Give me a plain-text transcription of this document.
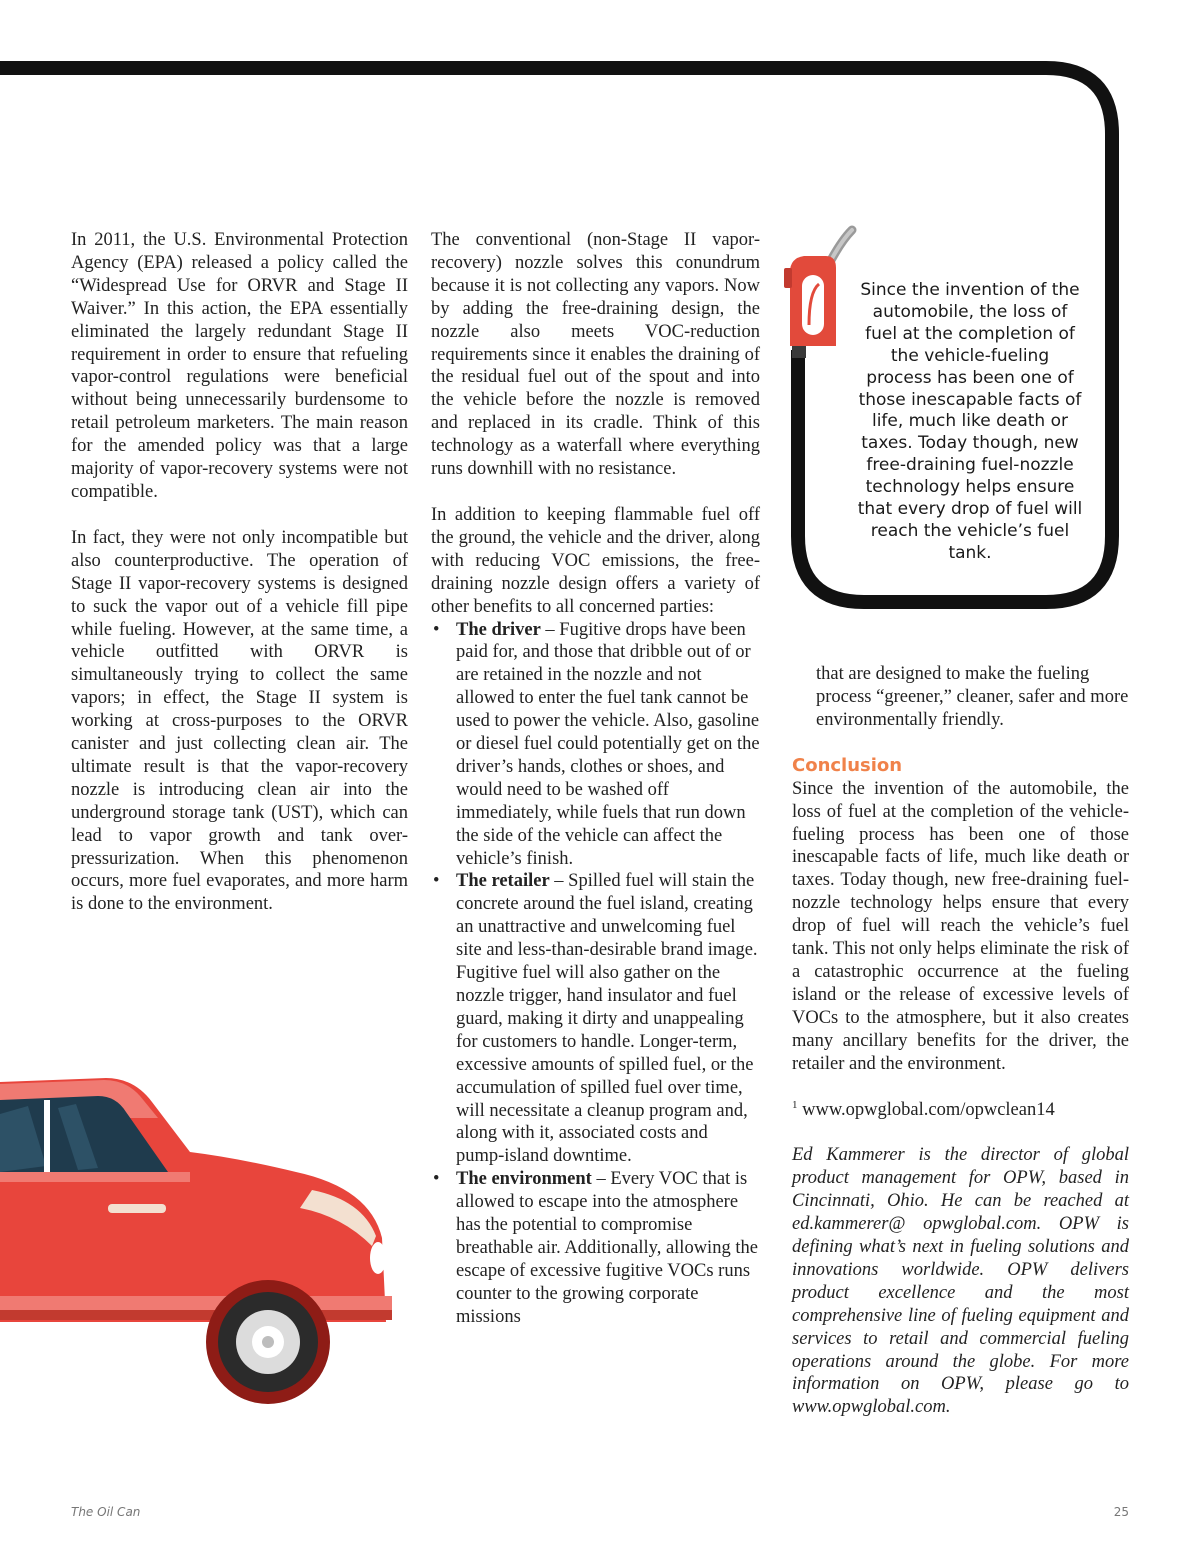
In 2011, the U.S. Environmental Protection Agency (EPA) released a policy called the “Widespread Use for ORVR and Stage II Waiver.” In this action, the EPA essentially eliminated the largely redundant Stage II requirement in order to ensure that refueling vapor-control regulations were beneficial without being unnecessarily burdensome to retail petroleum marketers. The main reason for the amended policy was that a large majority of vapor-recovery systems were not compatible.

In fact, they were not only incompatible but also counterproductive. The operation of Stage II vapor-recovery systems is designed to suck the vapor out of a vehicle fill pipe while fueling. However, at the same time, a vehicle outfitted with ORVR is simultaneously trying to collect the same vapors; in effect, the Stage II system is working at cross-purposes to the ORVR canister and just collecting clean air. The ultimate result is that the vapor-recovery nozzle is introducing clean air into the underground storage tank (UST), which can lead to vapor growth and tank over-pressurization. When this phenomenon occurs, more fuel evaporates, and more harm is done to the environment.

The conventional (non-Stage II vapor-recovery) nozzle solves this conundrum because it is not collecting any vapors. Now by adding the free-draining design, the nozzle also meets VOC-reduction requirements since it enables the draining of the residual fuel out of the spout and into the vehicle before the nozzle is removed and replaced in its cradle. Think of this technology as a waterfall where everything runs downhill with no resistance.

In addition to keeping flammable fuel off the ground, the vehicle and the driver, along with reducing VOC emissions, the free-draining nozzle design offers a variety of other benefits to all concerned parties:

• The driver – Fugitive drops have been paid for, and those that dribble out of or are retained in the nozzle and not allowed to enter the fuel tank cannot be used to power the vehicle. Also, gasoline or diesel fuel could potentially get on the driver’s hands, clothes or shoes, and would need to be washed off immediately, while fuels that run down the side of the vehicle can affect the vehicle’s finish.
• The retailer – Spilled fuel will stain the concrete around the fuel island, creating an unattractive and unwelcoming fuel site and less-than-desirable brand image. Fugitive fuel will also gather on the nozzle trigger, hand insulator and fuel guard, making it dirty and unappealing for customers to handle. Longer-term, excessive amounts of spilled fuel, or the accumulation of spilled fuel over time, will necessitate a cleanup program and, along with it, associated costs and pump-island downtime.
• The environment – Every VOC that is allowed to escape into the atmosphere has the potential to compromise breathable air. Additionally, allowing the escape of excessive fugitive VOCs runs counter to the growing corporate missions
Since the invention of the automobile, the loss of fuel at the completion of the vehicle-fueling process has been one of those inescapable facts of life, much like death or taxes. Today though, new free-draining fuel-nozzle technology helps ensure that every drop of fuel will reach the vehicle’s fuel tank.

that are designed to make the fueling process “greener,” cleaner, safer and more environmentally friendly.

Conclusion

Since the invention of the automobile, the loss of fuel at the completion of the vehicle-fueling process has been one of those inescapable facts of life, much like death or taxes. Today though, new free-draining fuel-nozzle technology helps ensure that every drop of fuel will reach the vehicle’s fuel tank. This not only helps eliminate the risk of a catastrophic occurrence at the fueling island or the release of excessive levels of VOCs to the atmosphere, but it also creates many ancillary benefits for the driver, the retailer and the environment.

$^1$ www.opwglobal.com/opwclean14

Ed Kammerer is the director of global product management for OPW, based in Cincinnati, Ohio. He can be reached at ed.kammerer@ opwglobal.com. OPW is defining what’s next in fueling solutions and innovations worldwide. OPW delivers product excellence and the most comprehensive line of fueling equipment and services to retail and commercial fueling operations around the globe. For more information on OPW, please go to www.opwglobal.com.

The Oil Can	25
